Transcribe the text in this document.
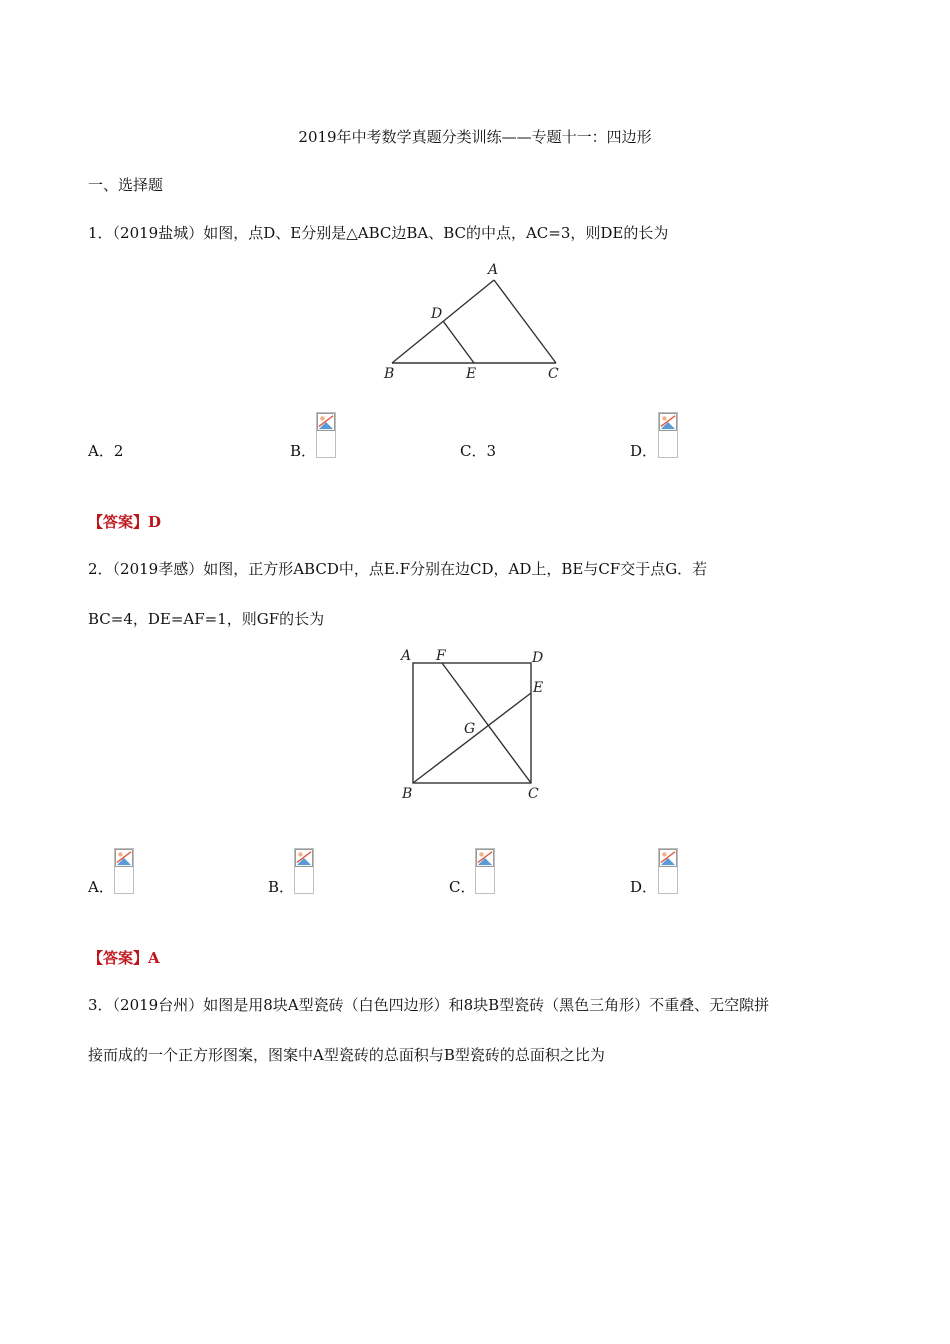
2019年中考数学真题分类训练——专题十一：四边形
一、选择题
1．（2019盐城）如图，点D、E分别是△ABC边BA、BC的中点，AC=3，则DE的长为
A
D
B	E	C
A．2	B．	C．3	D．
【答案】D
2．（2019孝感）如图，正方形ABCD中，点E.F分别在边CD，AD上，BE与CF交于点G．若
BC=4，DE=AF=1，则GF的长为
A F	D
E
G
B	C
A．	B．	C．	D．
【答案】A
3．（2019台州）如图是用8块A型瓷砖（白色四边形）和8块B型瓷砖（黑色三角形）不重叠、无空隙拼
接而成的一个正方形图案，图案中A型瓷砖的总面积与B型瓷砖的总面积之比为
